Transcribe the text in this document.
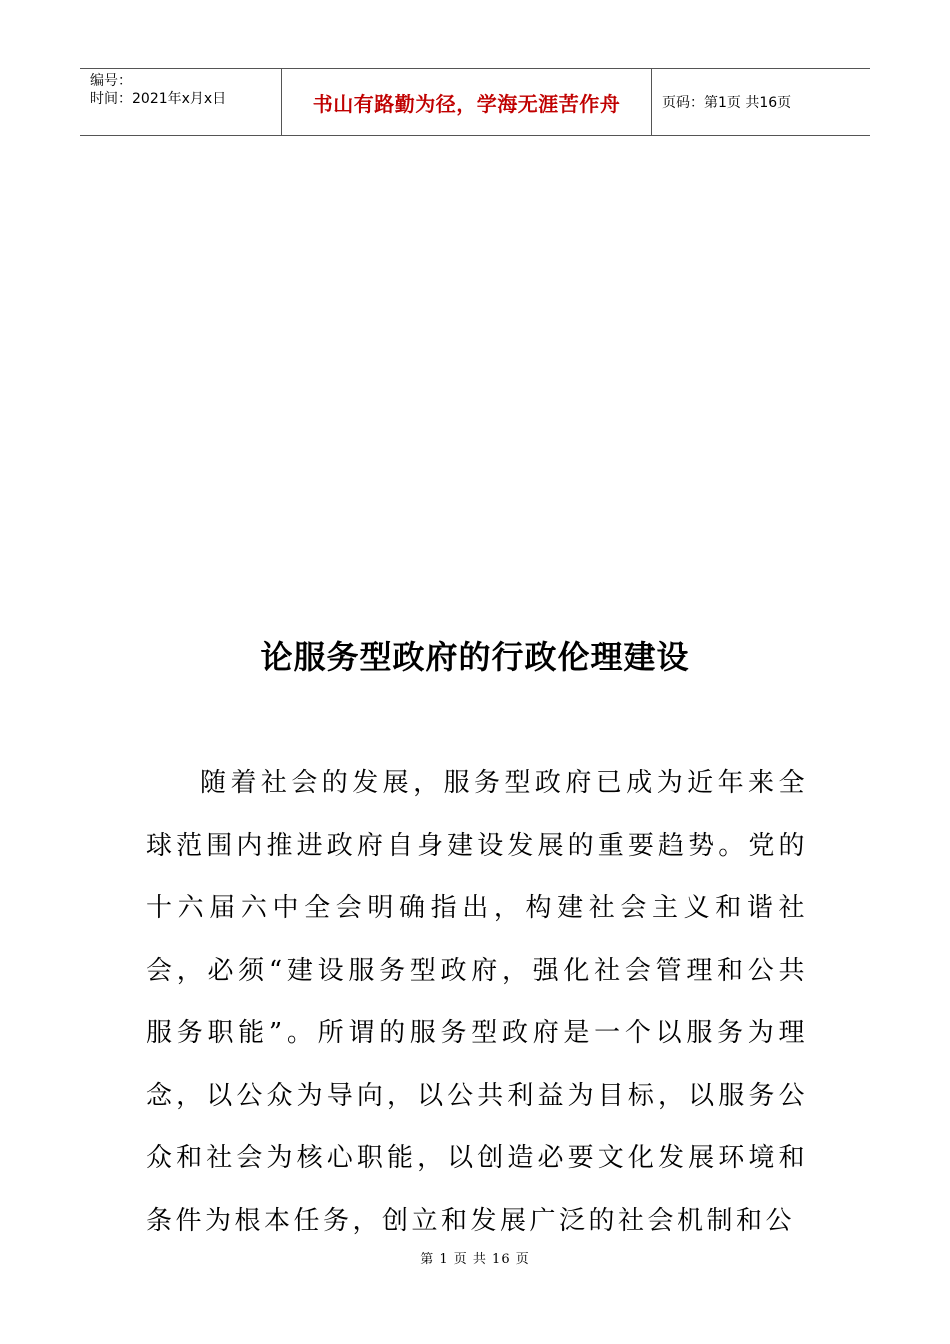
编号：
时间：2021年x月x日	书山有路勤为径，学海无涯苦作舟	页码：第1页 共16页
论服务型政府的行政伦理建设

随着社会的发展，服务型政府已成为近年来全球范围内推进政府自身建设发展的重要趋势。党的十六届六中全会明确指出，构建社会主义和谐社会，必须“建设服务型政府，强化社会管理和公共服务职能”。所谓的服务型政府是一个以服务为理念，以公众为导向，以公共利益为目标，以服务公众和社会为核心职能，以创造必要文化发展环境和条件为根本任务，创立和发展广泛的社会机制和公

第 1 页 共 16 页
